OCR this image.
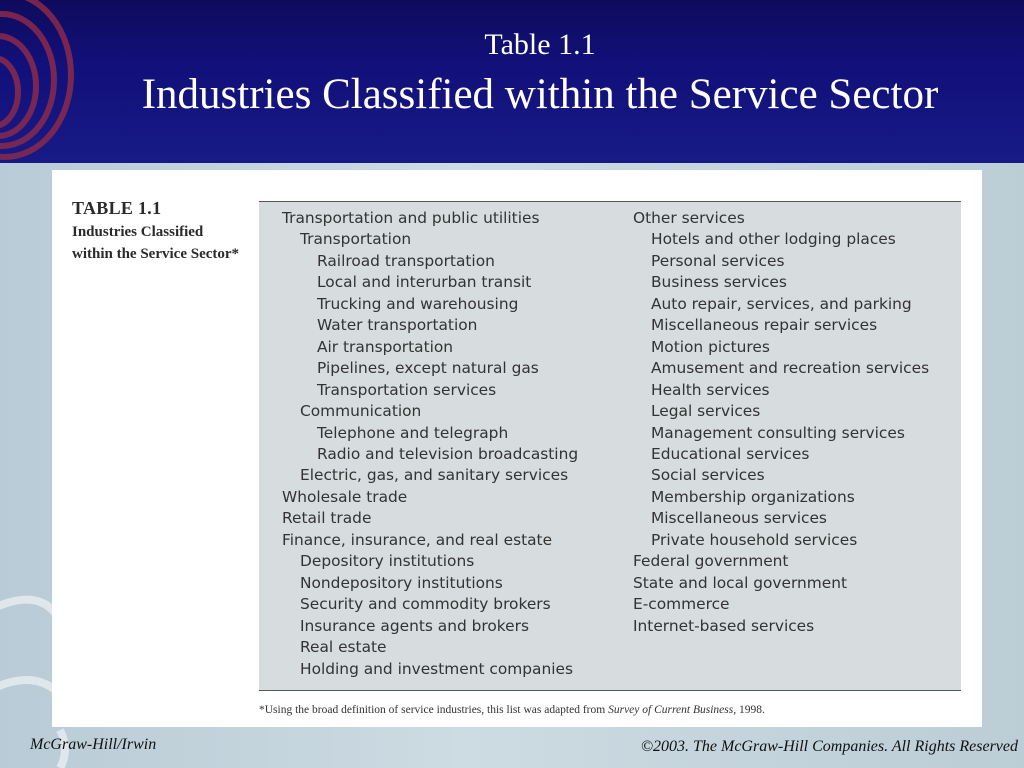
Table 1.1
Industries Classified within the Service Sector
TABLE 1.1
Industries Classified within the Service Sector*
Transportation and public utilities
Transportation
Railroad transportation
Local and interurban transit
Trucking and warehousing
Water transportation
Air transportation
Pipelines, except natural gas
Transportation services
Communication
Telephone and telegraph
Radio and television broadcasting
Electric, gas, and sanitary services
Wholesale trade
Retail trade
Finance, insurance, and real estate
Depository institutions
Nondepository institutions
Security and commodity brokers
Insurance agents and brokers
Real estate
Holding and investment companies
Other services
Hotels and other lodging places
Personal services
Business services
Auto repair, services, and parking
Miscellaneous repair services
Motion pictures
Amusement and recreation services
Health services
Legal services
Management consulting services
Educational services
Social services
Membership organizations
Miscellaneous services
Private household services
Federal government
State and local government
E-commerce
Internet-based services
*Using the broad definition of service industries, this list was adapted from Survey of Current Business, 1998.
McGraw-Hill/Irwin	©2003. The McGraw-Hill Companies. All Rights Reserved
